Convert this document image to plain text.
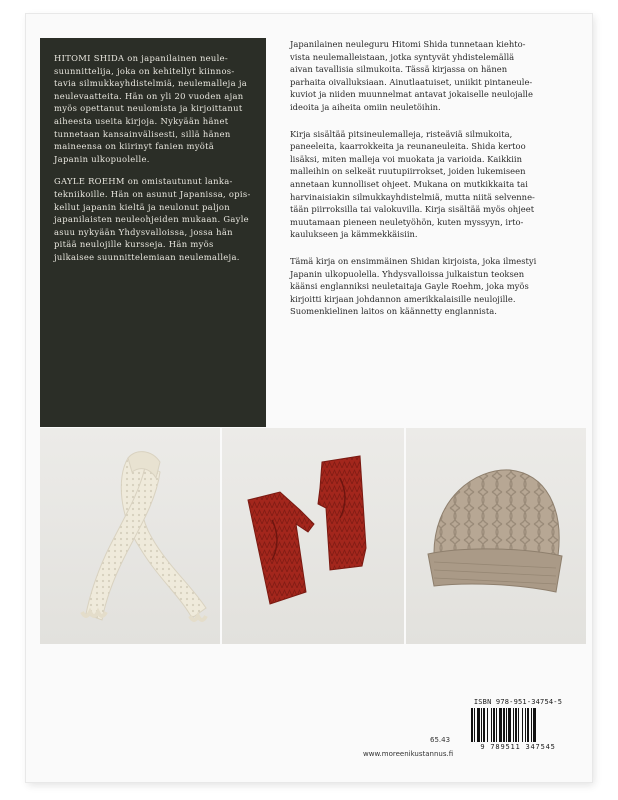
HITOMI SHIDA on japanilainen neule-
suunnittelija, joka on kehitellyt kiinnos-
tavia silmukkayhdistelmiä, neulemalleja ja
neulevaatteita. Hän on yli 20 vuoden ajan
myös opettanut neulomista ja kirjoittanut
aiheesta useita kirjoja. Nykyään hänet
tunnetaan kansainvälisesti, sillä hänen
maineensa on kiirinyt fanien myötä
Japanin ulkopuolelle.

GAYLE ROEHM on omistautunut lanka-
tekniikoille. Hän on asunut Japanissa, opis-
kellut japanin kieltä ja neulonut paljon
japanilaisten neuleohjeiden mukaan. Gayle
asuu nykyään Yhdysvalloissa, jossa hän
pitää neulojille kursseja. Hän myös
julkaisee suunnittelemiaan neulemalleja.

Japanilainen neuleguru Hitomi Shida tunnetaan kiehto-
vista neulemalleistaan, jotka syntyvät yhdistelemällä
aivan tavallisia silmukoita. Tässä kirjassa on hänen
parhaita oivalluksiaan. Ainutlaatuiset, uniikit pintaneule-
kuviot ja niiden muunnelmat antavat jokaiselle neulojalle
ideoita ja aiheita omiin neuletöihin.

Kirja sisältää pitsineulemalleja, risteäviä silmukoita,
paneeleita, kaarrokkeita ja reunaneuleita. Shida kertoo
lisäksi, miten malleja voi muokata ja varioida. Kaikkiin
malleihin on selkeät ruutupiirrokset, joiden lukemiseen
annetaan kunnolliset ohjeet. Mukana on mutkikkaita tai
harvinaisiakin silmukkayhdistelmiä, mutta niitä selvenne-
tään piirroksilla tai valokuvilla. Kirja sisältää myös ohjeet
muutamaan pieneen neuletyöhön, kuten myssyyn, irto-
kaulukseen ja kämmekkäisiin.

Tämä kirja on ensimmäinen Shidan kirjoista, joka ilmestyi
Japanin ulkopuolella. Yhdysvalloissa julkaistun teoksen
käänsi englanniksi neuletaitaja Gayle Roehm, joka myös
kirjoitti kirjaan johdannon amerikkalaisille neulojille.
Suomenkielinen laitos on käännetty englannista.

ISBN 978-951-34754-5
9 789511 347545
65.43
www.moreenikustannus.fi
